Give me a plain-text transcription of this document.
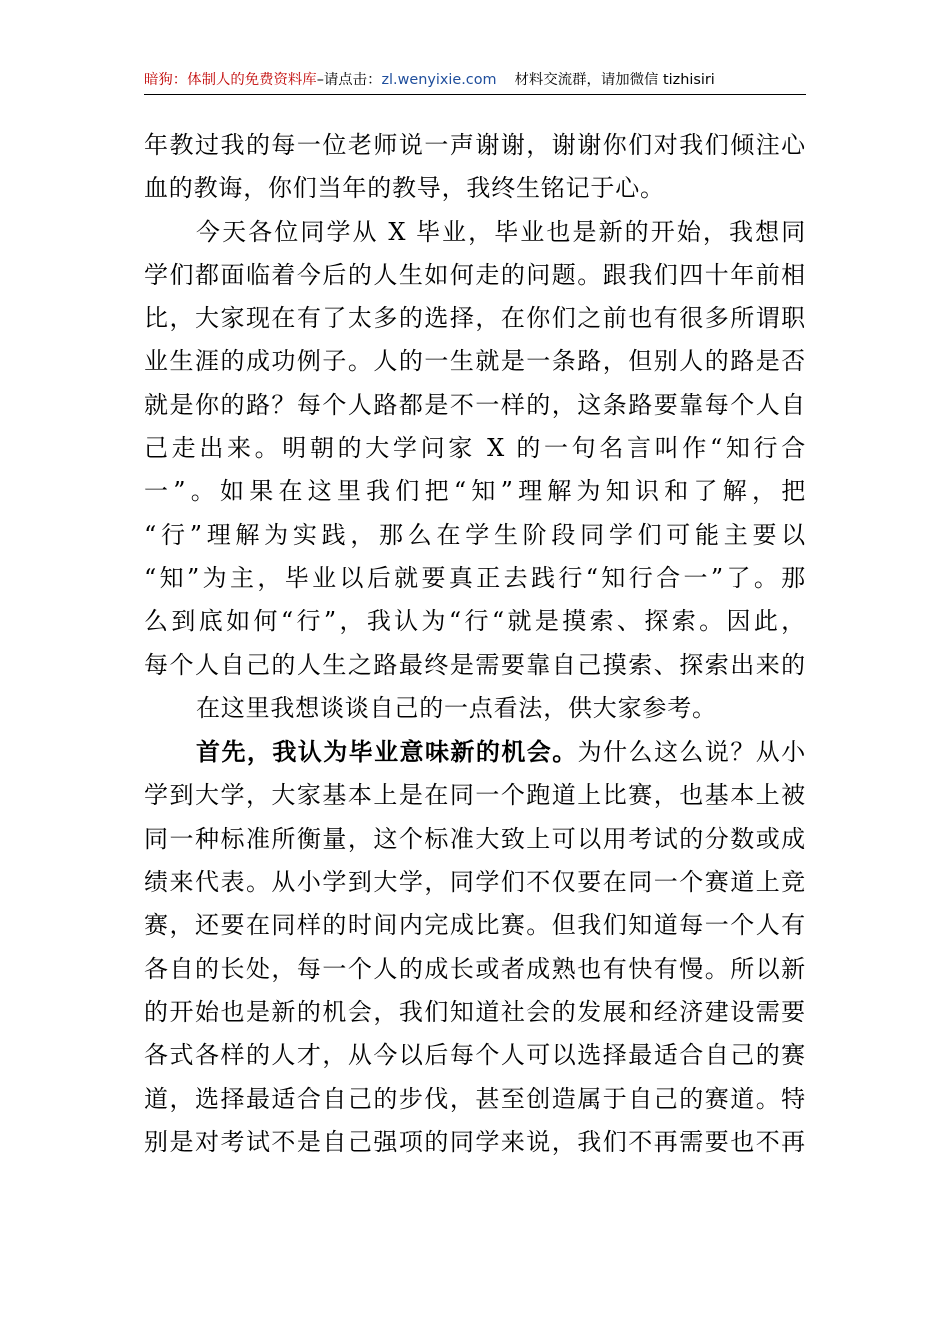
暗狗：体制人的免费资料库–请点击：zl.wenyixie.com 材料交流群，请加微信 tizhisiri

年教过我的每一位老师说一声谢谢，谢谢你们对我们倾注心

血的教诲，你们当年的教导，我终生铭记于心。

今天各位同学从 X 毕业，毕业也是新的开始，我想同

学们都面临着今后的人生如何走的问题。跟我们四十年前相

比，大家现在有了太多的选择，在你们之前也有很多所谓职

业生涯的成功例子。人的一生就是一条路，但别人的路是否

就是你的路？每个人路都是不一样的，这条路要靠每个人自

己走出来。明朝的大学问家 X 的一句名言叫作“知行合

一”。如果在这里我们把“知”理解为知识和了解，把

“行”理解为实践，那么在学生阶段同学们可能主要以

“知”为主，毕业以后就要真正去践行“知行合一”了。那

么到底如何“行”，我认为“行“就是摸索、探索。因此，

每个人自己的人生之路最终是需要靠自己摸索、探索出来的

在这里我想谈谈自己的一点看法，供大家参考。

首先，我认为毕业意味新的机会。为什么这么说？从小

学到大学，大家基本上是在同一个跑道上比赛，也基本上被

同一种标准所衡量，这个标准大致上可以用考试的分数或成

绩来代表。从小学到大学，同学们不仅要在同一个赛道上竞

赛，还要在同样的时间内完成比赛。但我们知道每一个人有

各自的长处，每一个人的成长或者成熟也有快有慢。所以新

的开始也是新的机会，我们知道社会的发展和经济建设需要

各式各样的人才，从今以后每个人可以选择最适合自己的赛

道，选择最适合自己的步伐，甚至创造属于自己的赛道。特

别是对考试不是自己强项的同学来说，我们不再需要也不再
